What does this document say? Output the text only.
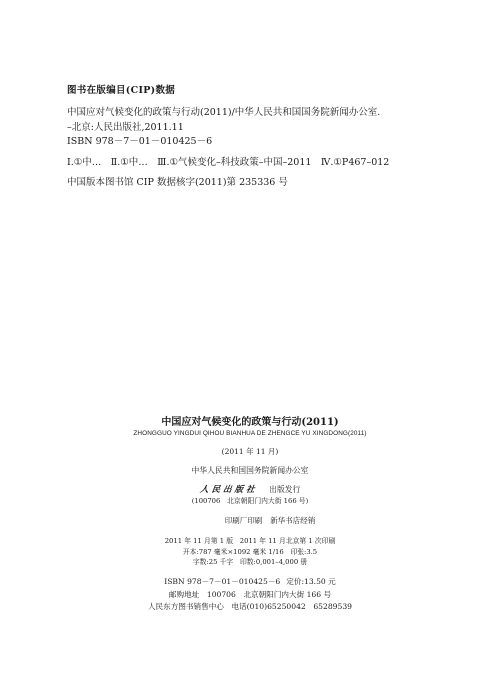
图书在版编目(CIP)数据
中国应对气候变化的政策与行动(2011)/中华人民共和国国务院新闻办公室.
–北京:人民出版社,2011.11
ISBN 978－7－01－010425－6
Ⅰ.①中…　Ⅱ.①中…　Ⅲ.①气候变化–科技政策–中国–2011　Ⅳ.①P467–012
中国版本图书馆 CIP 数据核字(2011)第 235336 号
中国应对气候变化的政策与行动(2011)
ZHONGGUO YINGDUI QIHOU BIANHUA DE ZHENGCE YU XINGDONG(2011)
(2011 年 11 月)
中华人民共和国国务院新闻办公室
人民出版社 出版发行
(100706　北京朝阳门内大街 166 号)
印刷厂印刷 新华书店经销
2011 年 11 月第 1 版　2011 年 11 月北京第 1 次印刷
开本:787 毫米×1092 毫米 1/16　印张:3.5
字数:25 千字　印数:0,001–4,000 册
ISBN 978－7－01－010425－6 定价:13.50 元
邮购地址　100706　北京朝阳门内大街 166 号
人民东方图书销售中心　电话(010)65250042　65289539
